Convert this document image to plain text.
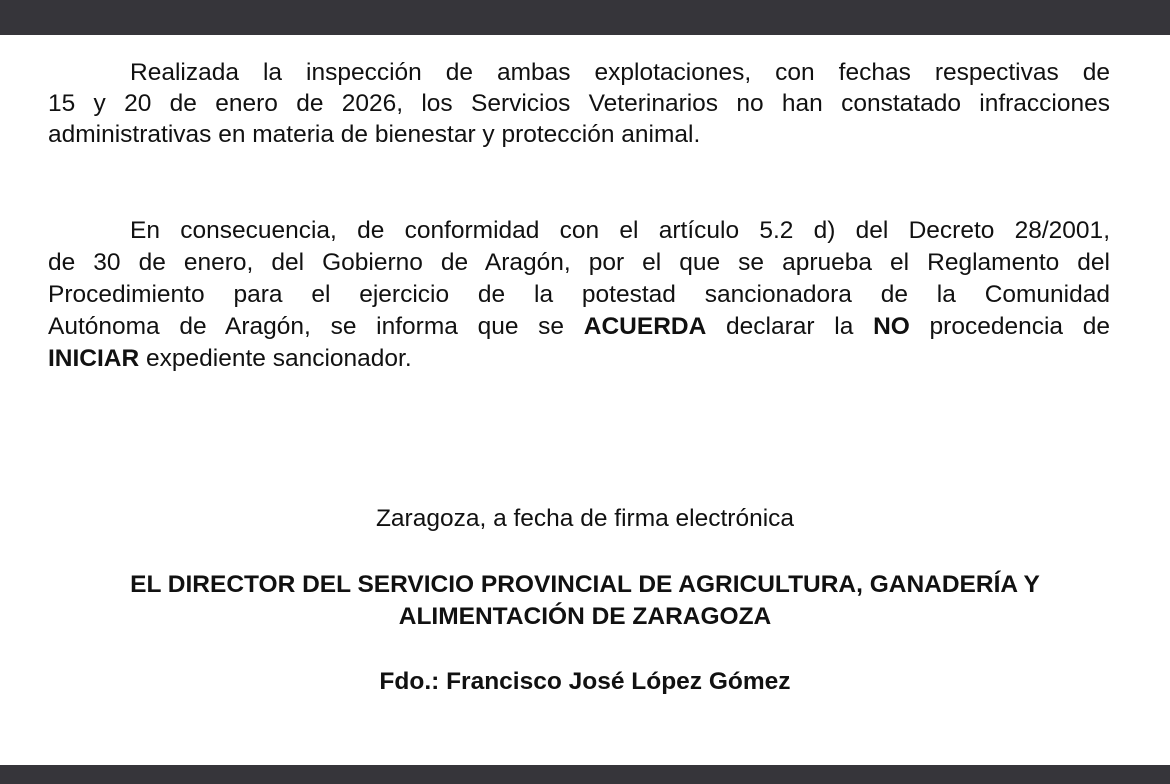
Realizada la inspección de ambas explotaciones, con fechas respectivas de
15 y 20 de enero de 2026, los Servicios Veterinarios no han constatado infracciones
administrativas en materia de bienestar y protección animal.
En consecuencia, de conformidad con el artículo 5.2 d) del Decreto 28/2001,
de 30 de enero, del Gobierno de Aragón, por el que se aprueba el Reglamento del
Procedimiento para el ejercicio de la potestad sancionadora de la Comunidad
Autónoma de Aragón, se informa que se ACUERDA declarar la NO procedencia de
INICIAR expediente sancionador.
Zaragoza, a fecha de firma electrónica
EL DIRECTOR DEL SERVICIO PROVINCIAL DE AGRICULTURA, GANADERÍA Y
ALIMENTACIÓN DE ZARAGOZA
Fdo.: Francisco José López Gómez
